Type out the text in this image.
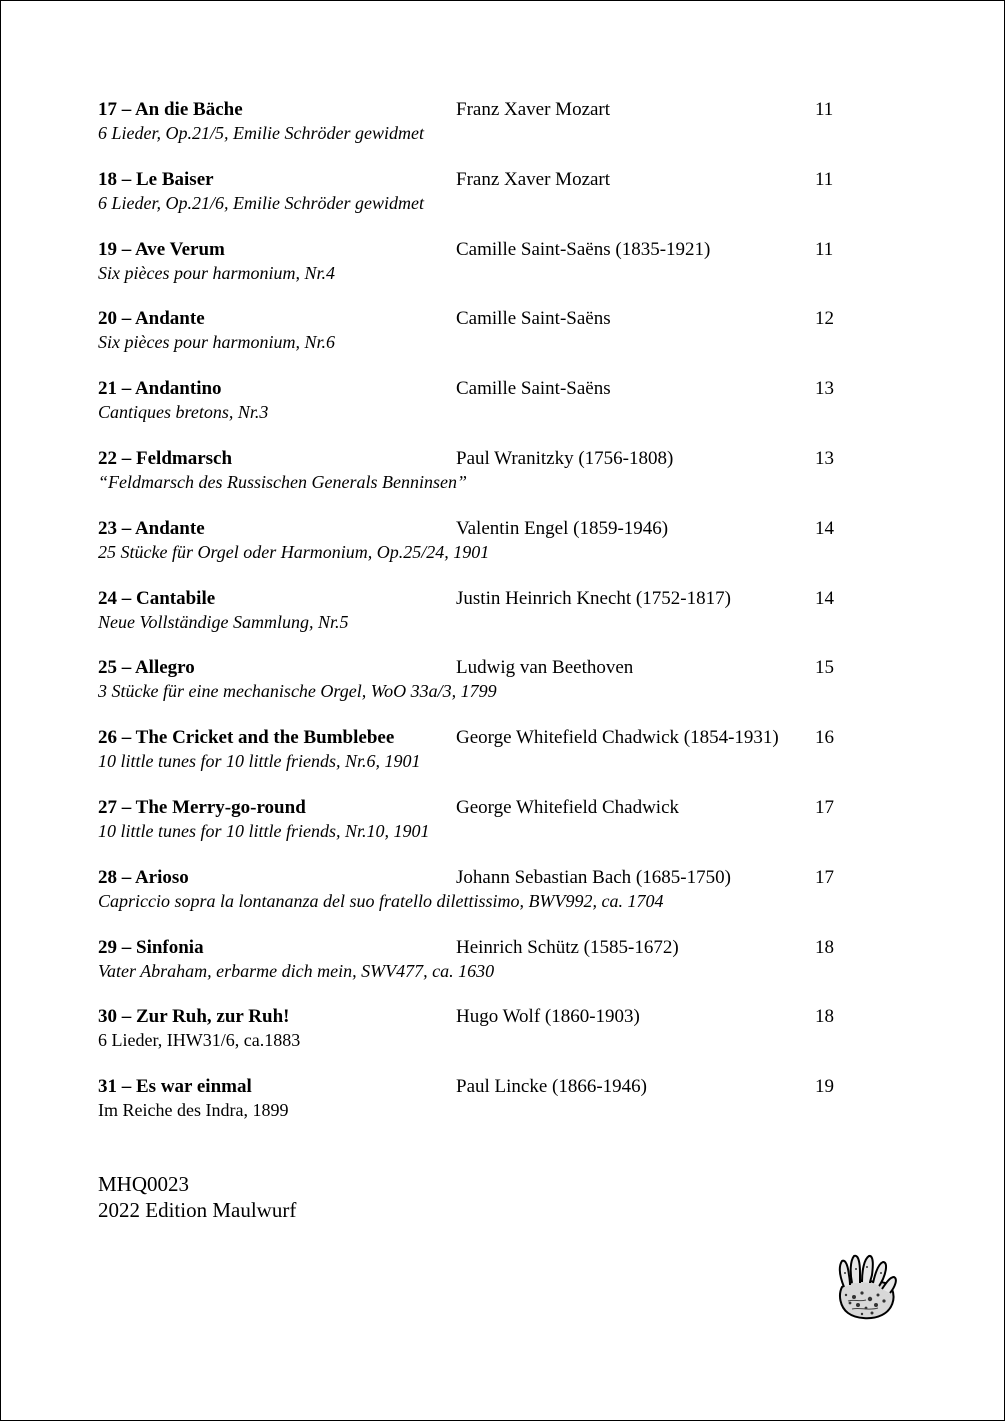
17 – An die Bäche	Franz Xaver Mozart	11
6 Lieder, Op.21/5, Emilie Schröder gewidmet
18 – Le Baiser	Franz Xaver Mozart	11
6 Lieder, Op.21/6, Emilie Schröder gewidmet
19 – Ave Verum	Camille Saint-Saëns (1835-1921)	11
Six pièces pour harmonium, Nr.4
20 – Andante	Camille Saint-Saëns	12
Six pièces pour harmonium, Nr.6
21 – Andantino	Camille Saint-Saëns	13
Cantiques bretons, Nr.3
22 – Feldmarsch	Paul Wranitzky (1756-1808)	13
“Feldmarsch des Russischen Generals Benninsen”
23 – Andante	Valentin Engel (1859-1946)	14
25 Stücke für Orgel oder Harmonium, Op.25/24, 1901
24 – Cantabile	Justin Heinrich Knecht (1752-1817)	14
Neue Vollständige Sammlung, Nr.5
25 – Allegro	Ludwig van Beethoven	15
3 Stücke für eine mechanische Orgel, WoO 33a/3, 1799
26 – The Cricket and the Bumblebee	George Whitefield Chadwick (1854-1931) 16
10 little tunes for 10 little friends, Nr.6, 1901
27 – The Merry-go-round	George Whitefield Chadwick	17
10 little tunes for 10 little friends, Nr.10, 1901
28 – Arioso	Johann Sebastian Bach (1685-1750)	17
Capriccio sopra la lontananza del suo fratello dilettissimo, BWV992, ca. 1704
29 – Sinfonia	Heinrich Schütz (1585-1672)	18
Vater Abraham, erbarme dich mein, SWV477, ca. 1630
30 – Zur Ruh, zur Ruh!	Hugo Wolf (1860-1903)	18
6 Lieder, IHW31/6, ca.1883
31 – Es war einmal	Paul Lincke (1866-1946)	19
Im Reiche des Indra, 1899
MHQ0023
2022 Edition Maulwurf
